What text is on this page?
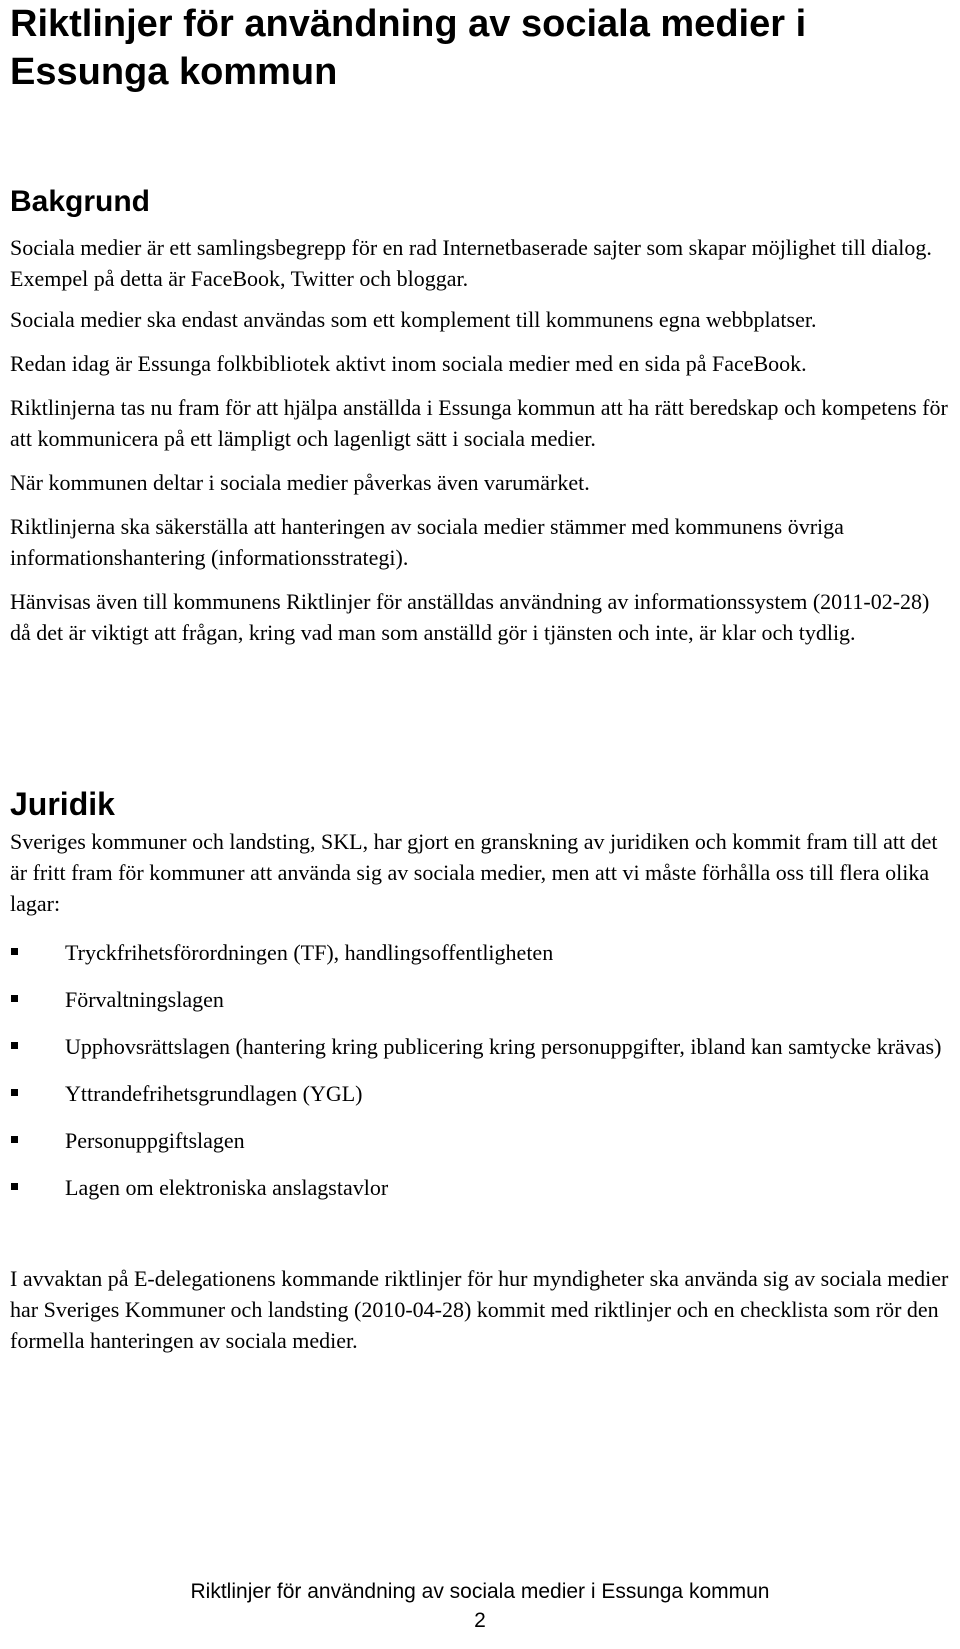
Riktlinjer för användning av sociala medier i Essunga kommun
Bakgrund

Sociala medier är ett samlingsbegrepp för en rad Internetbaserade sajter som skapar möjlighet till dialog. Exempel på detta är FaceBook, Twitter och bloggar.

Sociala medier ska endast användas som ett komplement till kommunens egna webbplatser.

Redan idag är Essunga folkbibliotek aktivt inom sociala medier med en sida på FaceBook.

Riktlinjerna tas nu fram för att hjälpa anställda i Essunga kommun att ha rätt beredskap och kompetens för att kommunicera på ett lämpligt och lagenligt sätt i sociala medier.

När kommunen deltar i sociala medier påverkas även varumärket.

Riktlinjerna ska säkerställa att hanteringen av sociala medier stämmer med kommunens övriga informationshantering (informationsstrategi).

Hänvisas även till kommunens Riktlinjer för anställdas användning av informationssystem (2011-02-28) då det är viktigt att frågan, kring vad man som anställd gör i tjänsten och inte, är klar och tydlig.

Juridik

Sveriges kommuner och landsting, SKL, har gjort en granskning av juridiken och kommit fram till att det är fritt fram för kommuner att använda sig av sociala medier, men att vi måste förhålla oss till flera olika lagar:

Tryckfrihetsförordningen (TF), handlingsoffentligheten
Förvaltningslagen
Upphovsrättslagen (hantering kring publicering kring personuppgifter, ibland kan samtycke krävas)
Yttrandefrihetsgrundlagen (YGL)
Personuppgiftslagen
Lagen om elektroniska anslagstavlor

I avvaktan på E-delegationens kommande riktlinjer för hur myndigheter ska använda sig av sociala medier har Sveriges Kommuner och landsting (2010-04-28) kommit med riktlinjer och en checklista som rör den formella hanteringen av sociala medier.

Riktlinjer för användning av sociala medier i Essunga kommun
2
